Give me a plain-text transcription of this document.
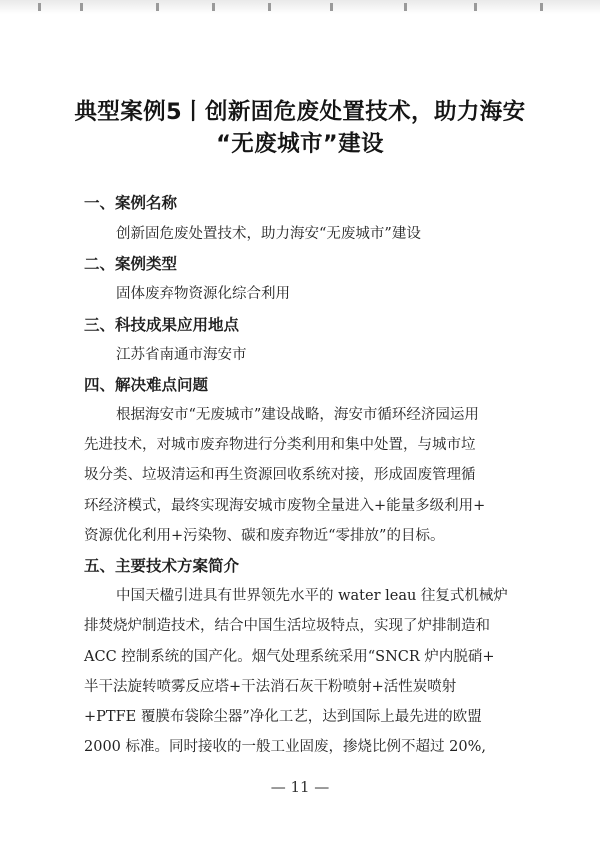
典型案例5丨创新固危废处置技术，助力海安
“无废城市”建设
一、案例名称
创新固危废处置技术，助力海安“无废城市”建设
二、案例类型
固体废弃物资源化综合利用
三、科技成果应用地点
江苏省南通市海安市
四、解决难点问题
根据海安市“无废城市”建设战略，海安市循环经济园运用
先进技术，对城市废弃物进行分类利用和集中处置，与城市垃
圾分类、垃圾清运和再生资源回收系统对接，形成固废管理循
环经济模式，最终实现海安城市废物全量进入+能量多级利用+
资源优化利用+污染物、碳和废弃物近“零排放”的目标。
五、主要技术方案简介
中国天楹引进具有世界领先水平的 water leau 往复式机械炉
排焚烧炉制造技术，结合中国生活垃圾特点，实现了炉排制造和
ACC 控制系统的国产化。烟气处理系统采用“SNCR 炉内脱硝+
半干法旋转喷雾反应塔+干法消石灰干粉喷射+活性炭喷射
+PTFE 覆膜布袋除尘器”净化工艺，达到国际上最先进的欧盟
2000 标准。同时接收的一般工业固废，掺烧比例不超过 20%,
— 11 —
